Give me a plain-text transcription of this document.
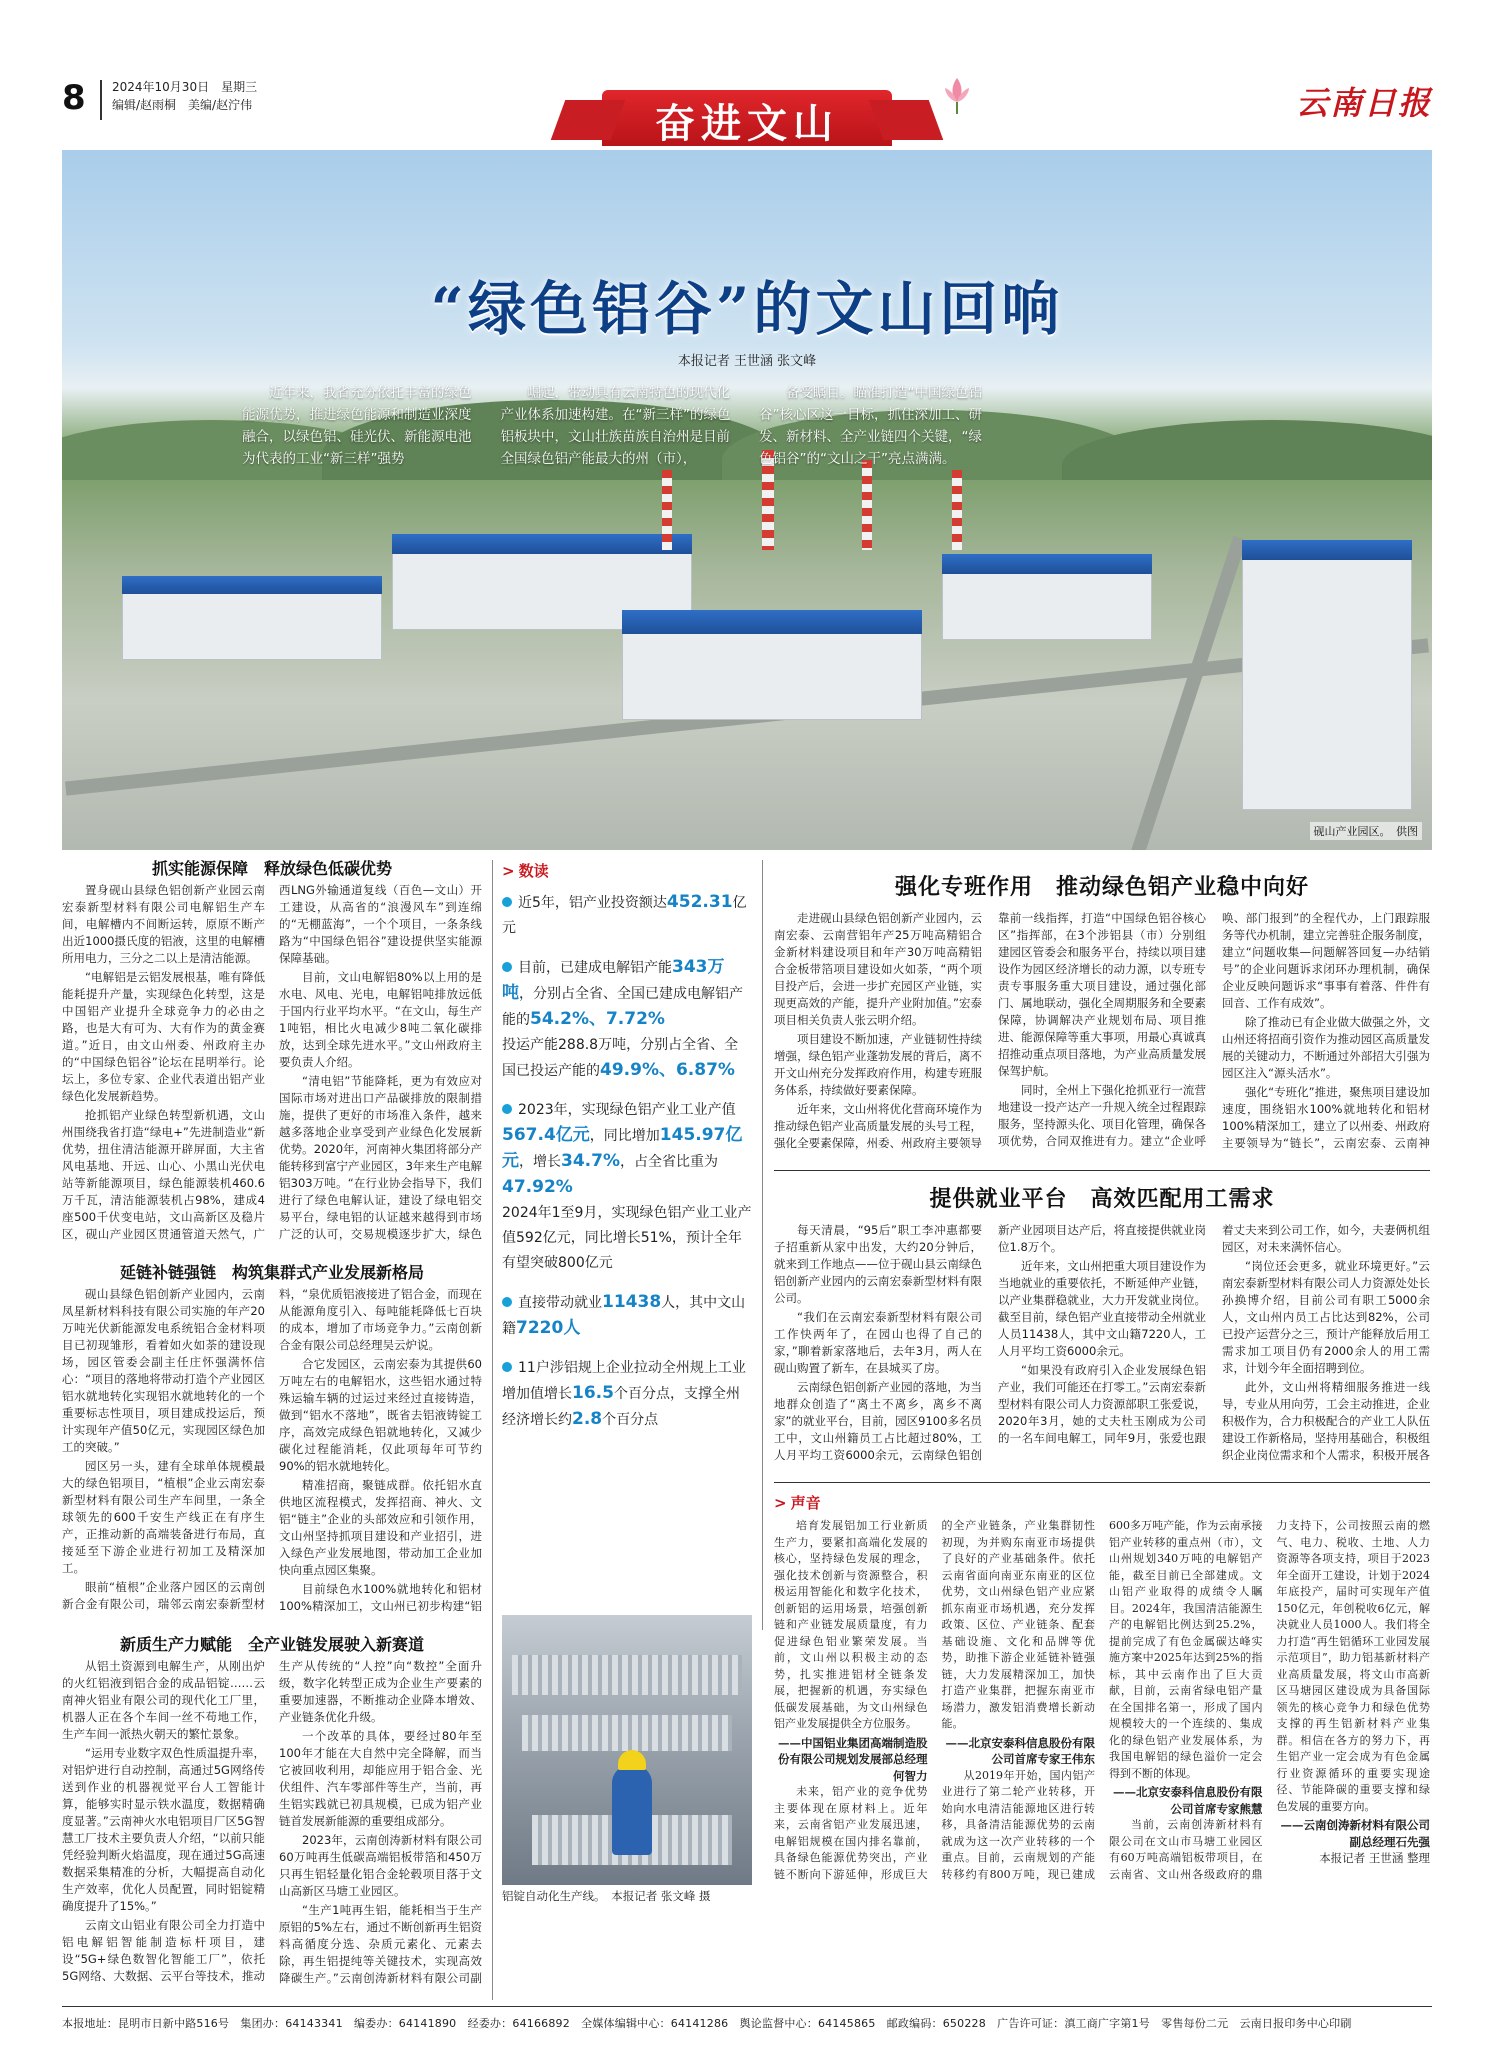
8 2024年10月30日　星期三
编辑/赵雨桐　美编/赵泞伟	奋进文山	云南日报
“绿色铝谷”的文山回响
本报记者 王世涵 张文峰

近年来，我省充分依托丰富的绿色能源优势，推进绿色能源和制造业深度融合，以绿色铝、硅光伏、新能源电池为代表的工业“新三样”强势

崛起，带动具有云南特色的现代化产业体系加速构建。在“新三样”的绿色铝板块中，文山壮族苗族自治州是目前全国绿色铝产能最大的州（市），

备受瞩目。瞄准打造“中国绿色铝谷”核心区这一目标，抓住深加工、研发、新材料、全产业链四个关键，“绿色铝谷”的“文山之干”亮点满满。

砚山产业园区。　供图
抓实能源保障　释放绿色低碳优势

置身砚山县绿色铝创新产业园云南宏泰新型材料有限公司电解铝生产车间，电解槽内不间断运转，原原不断产出近1000摄氏度的铝液，这里的电解槽所用电力，三分之二以上是清洁能源。

“电解铝是云铝发展根基，唯有降低能耗提升产量，实现绿色化转型，这是中国铝产业提升全球竞争力的必由之路，也是大有可为、大有作为的黄金赛道。”近日，由文山州委、州政府主办的“中国绿色铝谷”论坛在昆明举行。论坛上，多位专家、企业代表道出铝产业绿色化发展新趋势。

抢抓铝产业绿色转型新机遇，文山州围绕我省打造“绿电+”先进制造业“新优势，扭住清洁能源开辟屏面，大主省风电基地、开远、山心、小黑山光伏电站等新能源项目，绿色能源装机460.6万千瓦，清洁能源装机占98%，建成4座500千伏变电站，文山高新区及稳片区，砚山产业园区贯通管道天然气，广西LNG外输通道复线（百色—文山）开工建设，从高省的“浪漫风车”到连绵的“无棚蓝海”，一个个项目，一条条线路为“中国绿色铝谷”建设提供坚实能源保障基础。

目前，文山电解铝80%以上用的是水电、风电、光电，电解铝吨排放远低于国内行业平均水平。“在文山，每生产1吨铝，相比火电减少8吨二氧化碳排放，达到全球先进水平。”文山州政府主要负责人介绍。

“清电铝”节能降耗，更为有效应对国际市场对进出口产品碳排放的限制措施，提供了更好的市场准入条件，越来越多落地企业享受到产业绿色化发展新优势。2020年，河南神火集团将部分产能转移到富宁产业园区，3年来生产电解铝303万吨。“在行业协会指导下，我们进行了绿色电解认证，建设了绿电铝交易平台，绿电铝的认证越来越得到市场广泛的认可，交易规模逐步扩大，绿色

延链补链强链　构筑集群式产业发展新格局

砚山县绿色铝创新产业园内，云南凤星新材料科技有限公司实施的年产20万吨光伏新能源发电系统铝合金材料项目已初现雏形，看着如火如荼的建设现场，园区管委会副主任庄怀强满怀信心：“项目的落地将带动打造个产业园区铝水就地转化实现铝水就地转化的一个重要标志性项目，项目建成投运后，预计实现年产值50亿元，实现园区绿色加工的突破。”

园区另一头，建有全球单体规模最大的绿色铝项目，“植根”企业云南宏泰新型材料有限公司生产车间里，一条全球领先的600千安生产线正在有序生产，正推动新的高端装备进行布局，直接延至下游企业进行初加工及精深加工。

眼前“植根”企业落户园区的云南创新合金有限公司，瑞邻云南宏泰新型材料，“泉优质铝液接进了铝合金，而现在从能源角度引入、每吨能耗降低七百块的成本，增加了市场竞争力。”云南创新合金有限公司总经理吴云炉说。

合它发园区，云南宏泰为其提供60万吨左右的电解铝水，这些铝水通过特殊运输车辆的过运过来经过直接铸造，做到“铝水不落地”，既省去铝液铸锭工序，高效完成绿色铝就地转化，又减少碳化过程能消耗，仅此项每年可节约90%的铝水就地转化。

精准招商，聚链成群。依托铝水直供地区流程模式，发挥招商、神火、文铝“链主”企业的头部效应和引领作用，文山州坚持抓项目建设和产业招引，进入绿色产业发展地图，带动加工企业加快向重点园区集聚。

目前绿色水100%就地转化和铝材100%精深加工，文山州已初步构建“铝

新质生产力赋能　全产业链发展驶入新赛道

从铝土资源到电解生产，从刚出炉的火红铝液到铝合金的成品铝锭……云南神火铝业有限公司的现代化工厂里，机器人正在各个车间一丝不苟地工作，生产车间一派热火朝天的繁忙景象。

“运用专业数字双色性质温提升率，对铝炉进行自动控制，高通过5G网络传送到作业的机器视觉平台人工智能计算，能够实时显示铁水温度，数据精确度显著。”云南神火水电铝项目厂区5G智慧工厂技术主要负责人介绍，“以前只能凭经验判断火焰温度，现在通过5G高速数据采集精准的分析，大幅提高自动化生产效率，优化人员配置，同时铝锭精确度提升了15%。”

云南文山铝业有限公司全力打造中铝电解铝智能制造标杆项目，建设“5G+绿色数智化智能工厂”，依托5G网络、大数据、云平台等技术，推动生产从传统的“人控”向“数控”全面升级，数字化转型正成为企业生产要素的重要加速器，不断推动企业降本增效、产业链条优化升级。

一个改革的具体，要经过80年至100年才能在大自然中完全降解，而当它被回收利用，却能应用于铝合金、光伏组件、汽车零部件等生产，当前，再生铝实践就已初具规模，已成为铝产业链首发展新能源的重要组成部分。

2023年，云南创涛新材料有限公司60万吨再生低碳高端铝板带箔和450万只再生铝轻量化铝合金轮毂项目落于文山高新区马塘工业园区。

“生产1吨再生铝，能耗相当于生产原铝的5%左右，通过不断创新再生铝资料高循度分选、杂质元素化、元素去除，再生铝提纯等关键技术，实现高效降碳生产。”云南创涛新材料有限公司副

> 数读
近5年，铝产业投资额达452.31亿元
目前，已建成电解铝产能343万吨，分别占全省、全国已建成电解铝产能的54.2%、7.72%
投运产能288.8万吨，分别占全省、全国已投运产能的49.9%、6.87%
2023年，实现绿色铝产业工业产值567.4亿元，同比增加145.97亿元，增长34.7%，占全省比重为47.92%
2024年1至9月，实现绿色铝产业工业产值592亿元，同比增长51%，预计全年有望突破800亿元
直接带动就业11438人，其中文山籍7220人
11户涉铝规上企业拉动全州规上工业增加值增长16.5个百分点，支撑全州经济增长约2.8个百分点
铝锭自动化生产线。　本报记者 张文峰 摄
强化专班作用　推动绿色铝产业稳中向好

走进砚山县绿色铝创新产业园内，云南宏泰、云南营铝年产25万吨高精铝合金新材料建设项目和年产30万吨高精铝合金板带箔项目建设如火如荼，“两个项目投产后，会进一步扩充园区产业链，实现更高效的产能，提升产业附加值。”宏泰项目相关负责人张云明介绍。

项目建设不断加速，产业链韧性持续增强，绿色铝产业蓬勃发展的背后，离不开文山州充分发挥政府作用，构建专班服务体系，持续做好要素保障。

近年来，文山州将优化营商环境作为推动绿色铝产业高质量发展的头号工程，强化全要素保障，州委、州政府主要领导靠前一线指挥，打造“中国绿色铝谷核心区”指挥部，在3个涉铝县（市）分别组建园区管委会和服务平台，持续以项目建设作为园区经济增长的动力源，以专班专责专事服务重大项目建设，通过强化部门、属地联动，强化全周期服务和全要素保障，协调解决产业规划布局、项目推进、能源保障等重大事项，用最心真诚真招推动重点项目落地，为产业高质量发展保驾护航。

同时，全州上下强化抢抓亚行一流营地建设一投产达产一升规入统全过程跟踪服务，坚持源头化、项目化管理，确保各项优势，合同双推进有力。建立“企业呼唤、部门报到”的全程代办，上门跟踪服务等代办机制，建立完善驻企服务制度，建立“问题收集—问题解答回复—办结销号”的企业问题诉求闭环办理机制，确保企业反映问题诉求“事事有着落、件件有回音、工作有成效”。

除了推动已有企业做大做强之外，文山州还将招商引资作为推动园区高质量发展的关键动力，不断通过外部招大引强为园区注入“源头活水”。

强化“专班化”推进，聚焦项目建设加速度，围绕铝水100%就地转化和铝材100%精深加工，建立了以州委、州政府主要领导为“链长”，云南宏泰、云南神

提供就业平台　高效匹配用工需求

每天清晨，“95后”职工李冲惠都要子招重新从家中出发，大约20分钟后，就来到工作地点——位于砚山县云南绿色铝创新产业园内的云南宏泰新型材料有限公司。

“我们在云南宏泰新型材料有限公司工作快两年了，在园山也得了自己的家，”聊着新家落地后，去年3月，两人在砚山购置了新车，在县城买了房。

云南绿色铝创新产业园的落地，为当地群众创造了“离土不离乡，离乡不离家”的就业平台，目前，园区9100多名员工中，文山州籍员工占比超过80%，工人月平均工资6000余元，云南绿色铝创新产业园项目达产后，将直接提供就业岗位1.8万个。

近年来，文山州把重大项目建设作为当地就业的重要依托，不断延伸产业链，以产业集群稳就业，大力开发就业岗位。截至目前，绿色铝产业直接带动全州就业人员11438人，其中文山籍7220人，工人月平均工资6000余元。

“如果没有政府引入企业发展绿色铝产业，我们可能还在打零工。”云南宏泰新型材料有限公司人力资源部职工张爱说，2020年3月，她的丈夫杜玉刚成为公司的一名车间电解工，同年9月，张爱也跟着丈夫来到公司工作，如今，夫妻俩机组园区，对未来满怀信心。

“岗位还会更多，就业环境更好。”云南宏泰新型材料有限公司人力资源处处长孙换博介绍，目前公司有职工5000余人，文山州内员工占比达到82%，公司已投产运营分之三，预计产能释放后用工需求加工项目仍有2000余人的用工需求，计划今年全面招聘到位。

此外，文山州将精细服务推进一线导，专业从用向劳，工会主动推进，企业积极作为，合力积极配合的产业工人队伍建设工作新格局，坚持用基础合，积极组织企业岗位需求和个人需求，积极开展各

> 声音

培育发展铝加工行业新质生产力，要紧扣高端化发展的核心，坚持绿色发展的理念，强化技术创新与资源整合，积极运用智能化和数字化技术，创新铝的运用场景，培强创新链和产业链发展质量度，有力促进绿色铝业繁荣发展。当前，文山州以积极主动的态势，扎实推进铝材全链条发展，把握新的机遇，夯实绿色低碳发展基础，为文山州绿色铝产业发展提供全方位服务。

——中国铝业集团高端制造股份有限公司规划发展部总经理何智力

未来，铝产业的竞争优势主要体现在原材料上。近年来，云南省铝产业发展迅速，电解铝规模在国内排名靠前，具备绿色能源优势突出，产业链不断向下游延伸，形成巨大的全产业链条，产业集群韧性初现，为并购东南亚市场提供了良好的产业基础条件。依托云南省面向南亚东南亚的区位优势，文山州绿色铝产业应紧抓东南亚市场机遇，充分发挥政策、区位、产业链条、配套基础设施、文化和品牌等优势，助推下游企业延链补链强链，大力发展精深加工，加快打造产业集群，把握东南亚市场潜力，激发铝消费增长新动能。

——北京安泰科信息股份有限公司首席专家王伟东

从2019年开始，国内铝产业进行了第二轮产业转移，开始向水电清洁能源地区进行转移，具备清洁能源优势的云南就成为这一次产业转移的一个重点。目前，云南规划的产能转移约有800万吨，现已建成600多万吨产能，作为云南承接铝产业转移的重点州（市），文山州规划340万吨的电解铝产能，截至目前已全部建成。文山铝产业取得的成绩令人瞩目。2024年，我国清洁能源生产的电解铝比例达到25.2%，提前完成了有色金属碳达峰实施方案中2025年达到25%的指标，其中云南作出了巨大贡献，目前，云南省绿电铝产量在全国排名第一，形成了国内规模较大的一个连续的、集成化的绿色铝产业发展体系，为我国电解铝的绿色溢价一定会得到不断的体现。

——北京安泰科信息股份有限公司首席专家熊慧

当前，云南创涛新材料有限公司在文山市马塘工业园区有60万吨高端铝板带项目，在云南省、文山州各级政府的鼎力支持下，公司按照云南的燃气、电力、税收、土地、人力资源等各项支持，项目于2023年全面开工建设，计划于2024年底投产，届时可实现年产值150亿元，年创税收6亿元，解决就业人员1000人。我们将全力打造“再生铝循环工业园发展示范项目”，助力铝基新材料产业高质量发展，将文山市高新区马塘园区建设成为具备国际领先的核心竞争力和绿色优势支撑的再生铝新材料产业集群。相信在各方的努力下，再生铝产业一定会成为有色金属行业资源循环的重要实现途径、节能降碳的重要支撑和绿色发展的重要方向。

——云南创涛新材料有限公司副总经理石先强
本报记者 王世涵 整理
本报地址：昆明市日新中路516号　集团办：64143341　编委办：64141890　经委办：64166892　全媒体编辑中心：64141286　舆论监督中心：64145865　邮政编码：650228　广告许可证：滇工商广字第1号　零售每份二元　云南日报印务中心印刷
